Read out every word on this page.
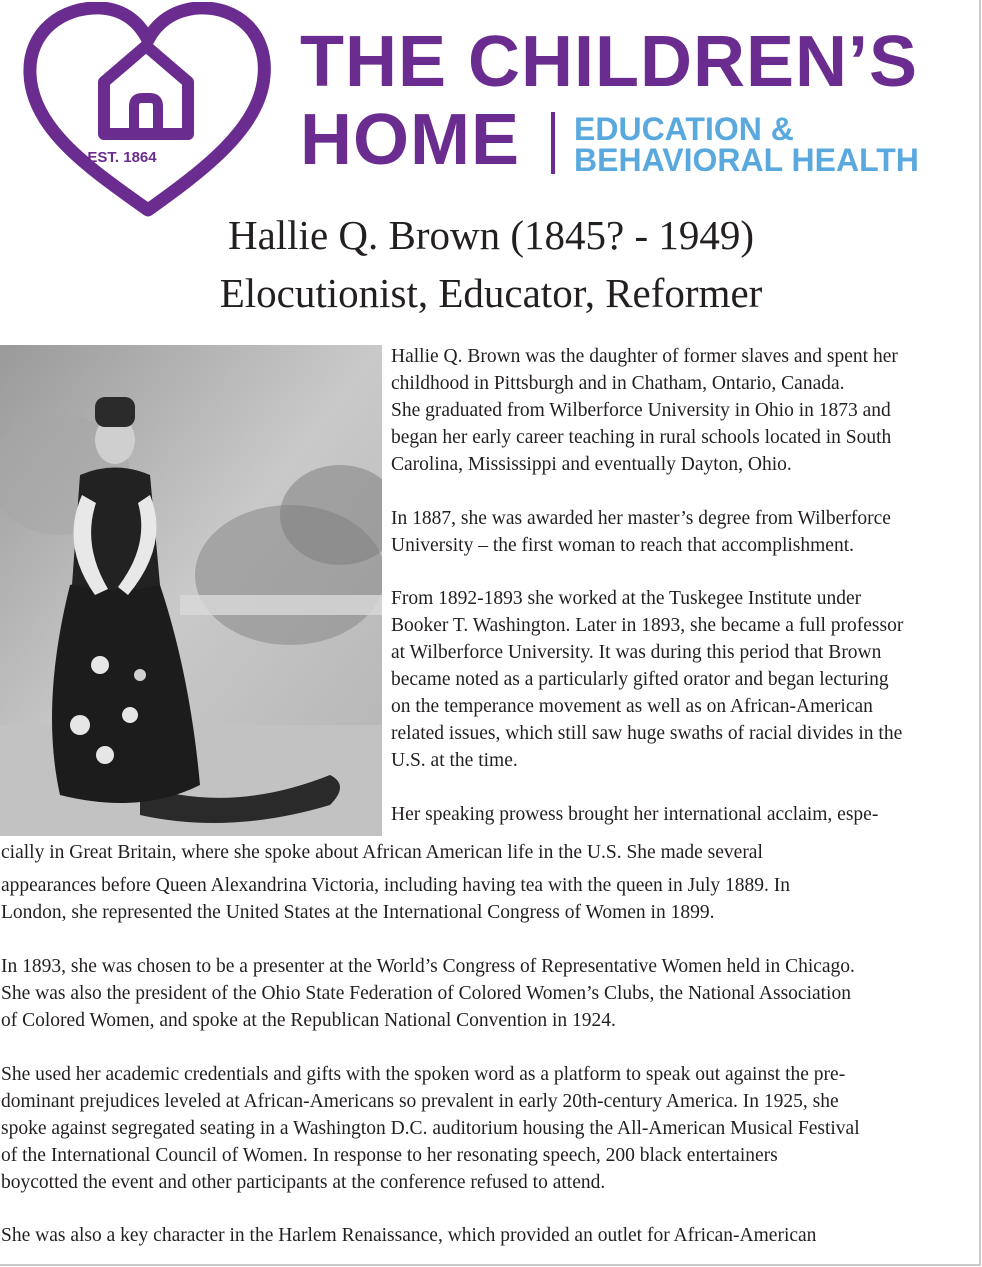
EST. 1864
THE CHILDREN’S
HOME EDUCATION &
BEHAVIORAL HEALTH
Hallie Q. Brown (1845? - 1949)
Elocutionist, Educator, Reformer

Hallie Q. Brown was the daughter of former slaves and spent her

childhood in Pittsburgh and in Chatham, Ontario, Canada.

She graduated from Wilberforce University in Ohio in 1873 and

began her early career teaching in rural schools located in South

Carolina, Mississippi and eventually Dayton, Ohio.

In 1887, she was awarded her master’s degree from Wilberforce

University – the first woman to reach that accomplishment.

From 1892-1893 she worked at the Tuskegee Institute under

Booker T. Washington. Later in 1893, she became a full professor

at Wilberforce University. It was during this period that Brown

became noted as a particularly gifted orator and began lecturing

on the temperance movement as well as on African-American

related issues, which still saw huge swaths of racial divides in the

U.S. at the time.

Her speaking prowess brought her international acclaim, espe-

cially in Great Britain, where she spoke about African American life in the U.S. She made several

appearances before Queen Alexandrina Victoria, including having tea with the queen in July 1889. In

London, she represented the United States at the International Congress of Women in 1899.

In 1893, she was chosen to be a presenter at the World’s Congress of Representative Women held in Chicago.

She was also the president of the Ohio State Federation of Colored Women’s Clubs, the National Association

of Colored Women, and spoke at the Republican National Convention in 1924.

She used her academic credentials and gifts with the spoken word as a platform to speak out against the pre-

dominant prejudices leveled at African-Americans so prevalent in early 20th-century America. In 1925, she

spoke against segregated seating in a Washington D.C. auditorium housing the All-American Musical Festival

of the International Council of Women. In response to her resonating speech, 200 black entertainers

boycotted the event and other participants at the conference refused to attend.

She was also a key character in the Harlem Renaissance, which provided an outlet for African-American
